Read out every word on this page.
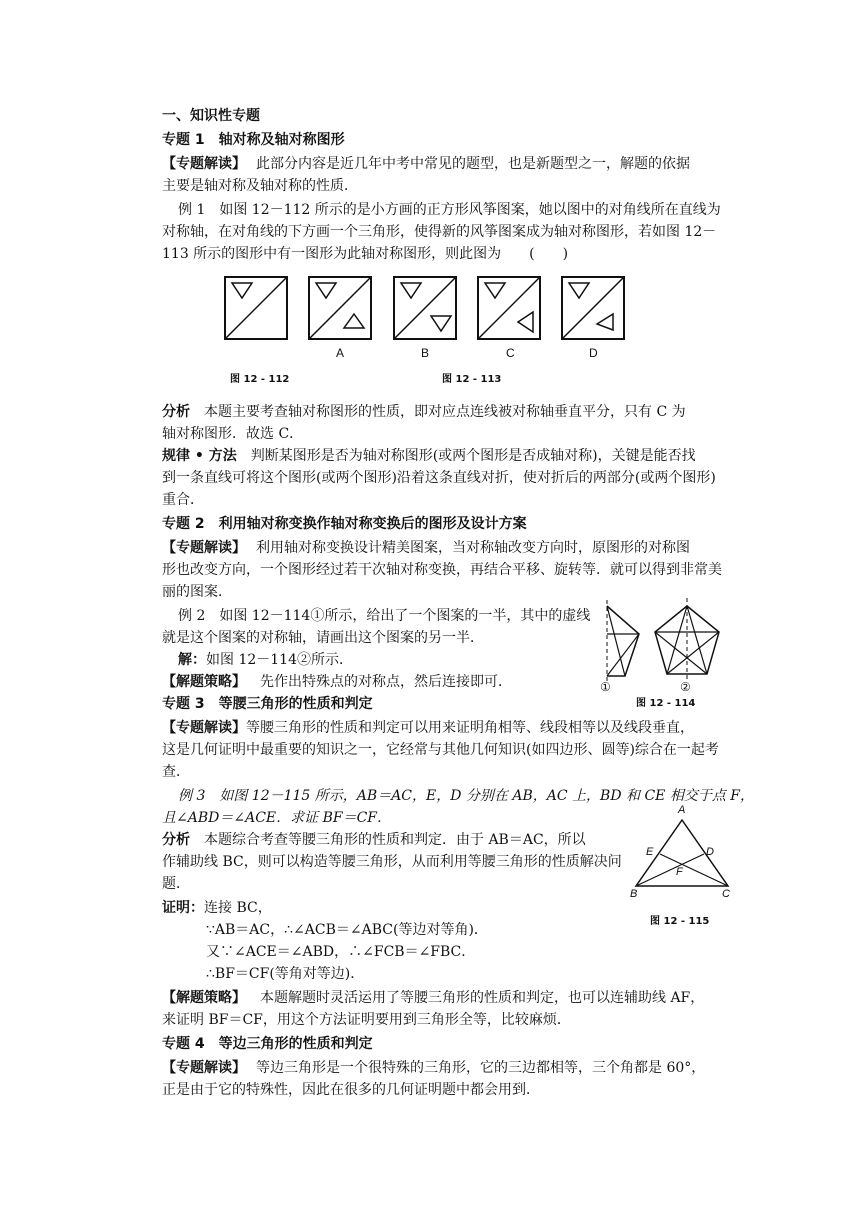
一、知识性专题
专题 1　轴对称及轴对称图形
【专题解读】 此部分内容是近几年中考中常见的题型，也是新题型之一，解题的依据
主要是轴对称及轴对称的性质．
例 1　如图 12－112 所示的是小方画的正方形风筝图案，她以图中的对角线所在直线为
对称轴，在对角线的下方画一个三角形，使得新的风筝图案成为轴对称图形，若如图 12－
113 所示的图形中有一图形为此轴对称图形，则此图为　　(　　)
A	B	C	D
图 12 - 112	图 12 - 113
分析 本题主要考查轴对称图形的性质，即对应点连线被对称轴垂直平分，只有 C 为
轴对称图形．故选 C．
规律 • 方法 判断某图形是否为轴对称图形(或两个图形是否成轴对称)，关键是能否找
到一条直线可将这个图形(或两个图形)沿着这条直线对折，使对折后的两部分(或两个图形)
重合．
专题 2　利用轴对称变换作轴对称变换后的图形及设计方案
【专题解读】 利用轴对称变换设计精美图案，当对称轴改变方向时，原图形的对称图
形也改变方向，一个图形经过若干次轴对称变换，再结合平移、旋转等．就可以得到非常美
丽的图案．
例 2　如图 12－114①所示，给出了一个图案的一半，其中的虚线
就是这个图案的对称轴，请画出这个图案的另一半．
解：如图 12－114②所示．
【解题策略】 先作出特殊点的对称点，然后连接即可．	①	②
图 12 - 114
专题 3　等腰三角形的性质和判定
【专题解读】等腰三角形的性质和判定可以用来证明角相等、线段相等以及线段垂直，
这是几何证明中最重要的知识之一，它经常与其他几何知识(如四边形、圆等)综合在一起考
查．
例 3　如图 12－115 所示，AB＝AC，E，D 分别在 AB，AC 上，BD 和 CE 相交于点 F，
且∠ABD＝∠ACE．求证 BF＝CF．
分析 本题综合考查等腰三角形的性质和判定．由于 AB＝AC，所以
作辅助线 BC，则可以构造等腰三角形，从而利用等腰三角形的性质解决问
题．
证明：连接 BC，
∵AB＝AC，∴∠ACB＝∠ABC(等边对等角)．
又∵∠ACE＝∠ABD，∴∠FCB＝∠FBC．
∴BF＝CF(等角对等边)．
【解题策略】 本题解题时灵活运用了等腰三角形的性质和判定，也可以连辅助线 AF，
来证明 BF＝CF，用这个方法证明要用到三角形全等，比较麻烦．
A
E	D
F
B	C
图 12 - 115
专题 4　等边三角形的性质和判定
【专题解读】 等边三角形是一个很特殊的三角形，它的三边都相等，三个角都是 60°，
正是由于它的特殊性，因此在很多的几何证明题中都会用到．
